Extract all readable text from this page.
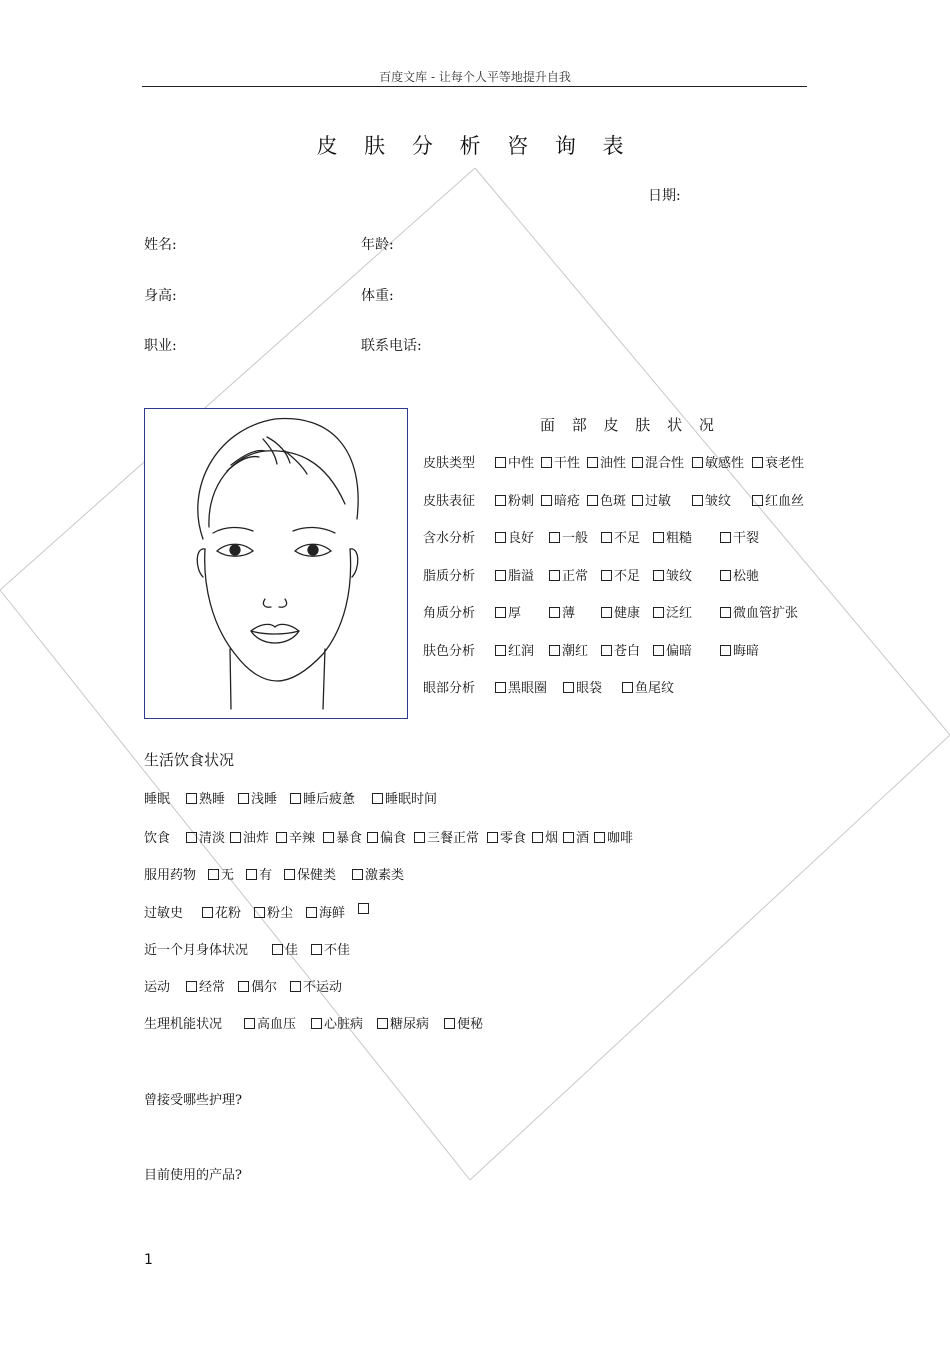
百度文库 - 让每个人平等地提升自我
皮 肤 分 析 咨 询 表
日期:
姓名:	年龄:
身高:	体重:
职业:	联系电话:
面 部 皮 肤 状 况
皮肤类型	中性	干性	油性	混合性	敏感性	衰老性
皮肤表征	粉刺	暗疮	色斑	过敏	皱纹	红血丝
含水分析	良好	一般	不足	粗糙	干裂
脂质分析	脂溢	正常	不足	皱纹	松驰
角质分析	厚	薄	健康	泛红	微血管扩张
肤色分析	红润	潮红	苍白	偏暗	晦暗
眼部分析	黑眼圈	眼袋	鱼尾纹
生活饮食状况
睡眠	熟睡	浅睡	睡后疲惫	睡眠时间
饮食	清淡	油炸	辛辣	暴食	偏食	三餐正常	零食	烟	酒	咖啡
服用药物	无	有	保健类	激素类
过敏史	花粉	粉尘	海鲜
近一个月身体状况	佳	不佳
运动	经常	偶尔	不运动
生理机能状况	高血压	心脏病	糖尿病	便秘
曾接受哪些护理?
目前使用的产品?
1
